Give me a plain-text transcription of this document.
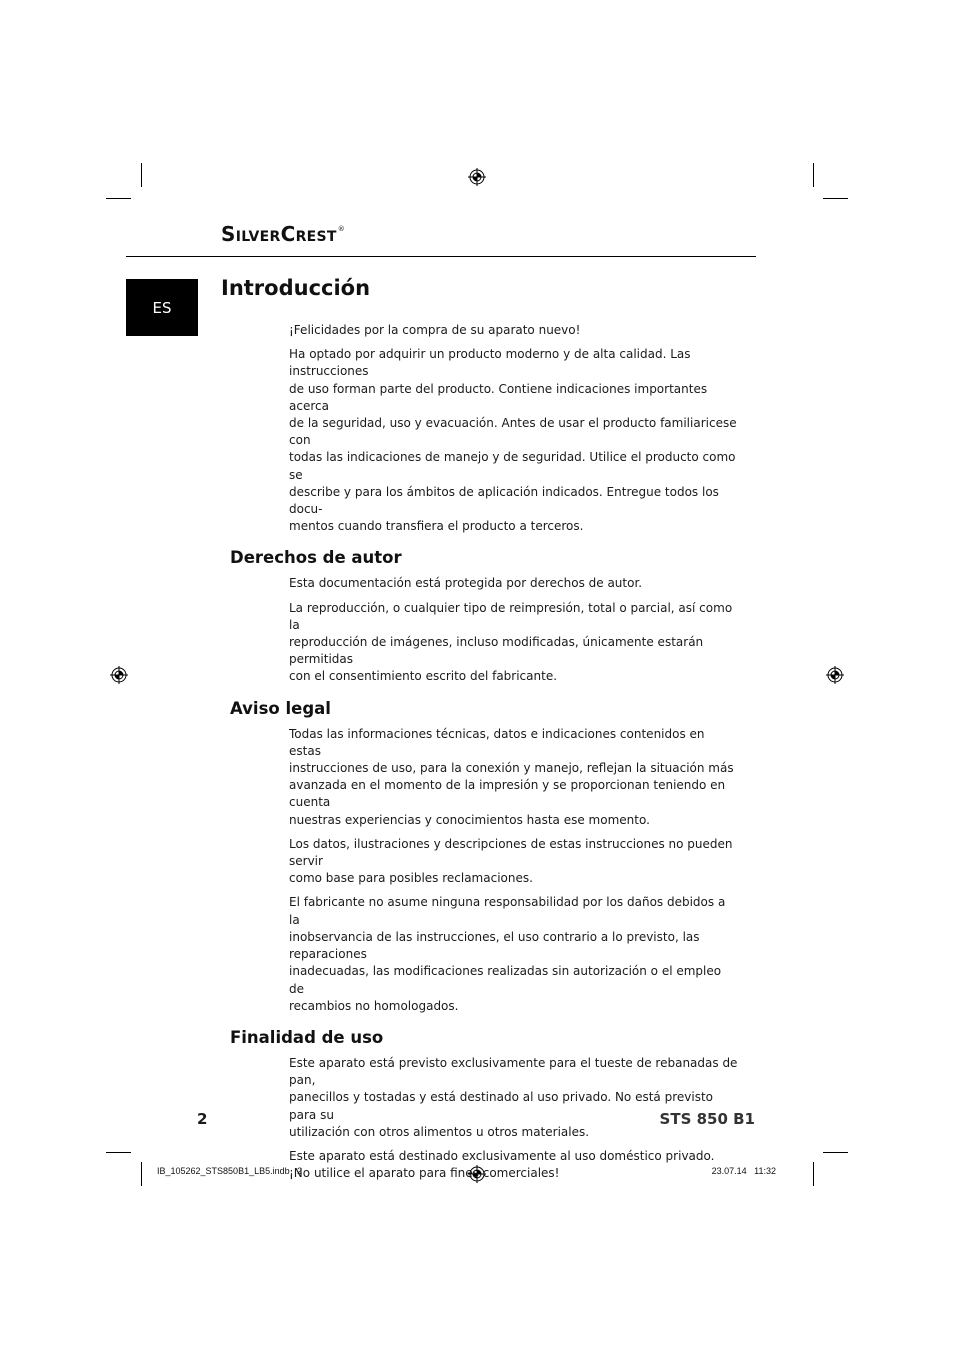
SilverCrest®
ES
Introducción

¡Felicidades por la compra de su aparato nuevo!

Ha optado por adquirir un producto moderno y de alta calidad. Las instrucciones
de uso forman parte del producto. Contiene indicaciones importantes acerca
de la seguridad, uso y evacuación. Antes de usar el producto familiaricese con
todas las indicaciones de manejo y de seguridad. Utilice el producto como se
describe y para los ámbitos de aplicación indicados. Entregue todos los docu-
mentos cuando transfiera el producto a terceros.

Derechos de autor

Esta documentación está protegida por derechos de autor.

La reproducción, o cualquier tipo de reimpresión, total o parcial, así como la
reproducción de imágenes, incluso modificadas, únicamente estarán permitidas
con el consentimiento escrito del fabricante.

Aviso legal

Todas las informaciones técnicas, datos e indicaciones contenidos en estas
instrucciones de uso, para la conexión y manejo, reflejan la situación más
avanzada en el momento de la impresión y se proporcionan teniendo en cuenta
nuestras experiencias y conocimientos hasta ese momento.

Los datos, ilustraciones y descripciones de estas instrucciones no pueden servir
como base para posibles reclamaciones.

El fabricante no asume ninguna responsabilidad por los daños debidos a la
inobservancia de las instrucciones, el uso contrario a lo previsto, las reparaciones
inadecuadas, las modificaciones realizadas sin autorización o el empleo de
recambios no homologados.

Finalidad de uso

Este aparato está previsto exclusivamente para el tueste de rebanadas de pan,
panecillos y tostadas y está destinado al uso privado. No está previsto para su
utilización con otros alimentos u otros materiales.

Este aparato está destinado exclusivamente al uso doméstico privado.
¡No utilice el aparato para fines comerciales!

2	STS 850 B1
IB_105262_STS850B1_LB5.indb   2	23.07.14   11:32
